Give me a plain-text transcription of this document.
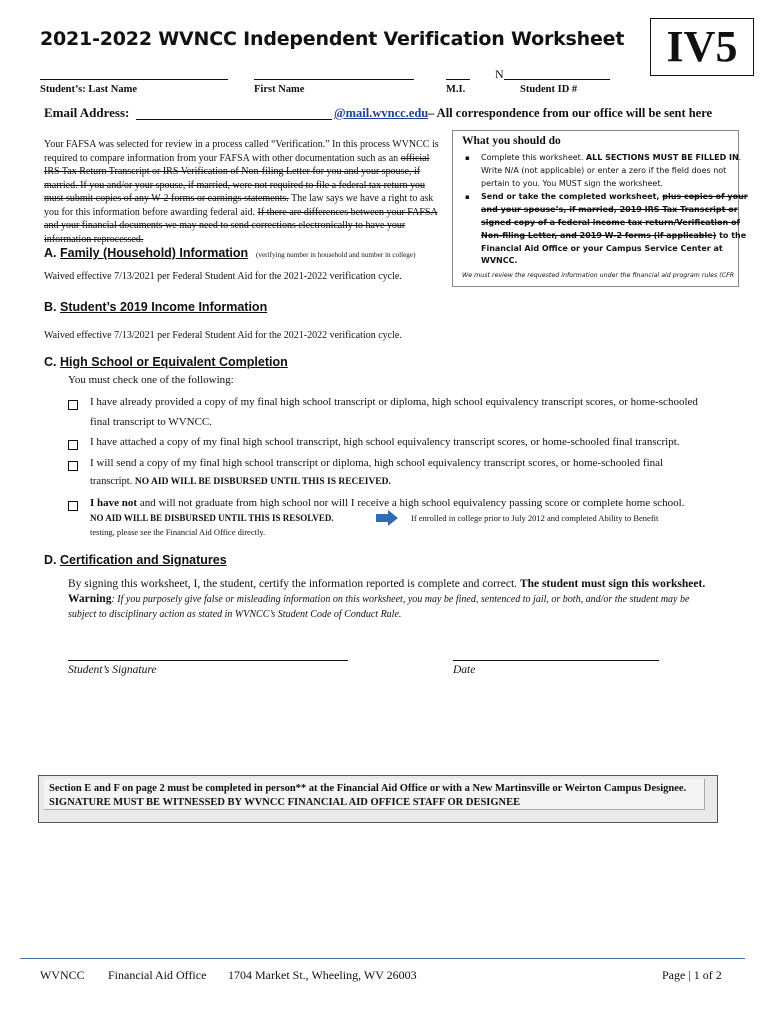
2021-2022 WVNCC Independent Verification Worksheet IV5
N
Student’s: Last Name	First Name	M.I.	Student ID #
Email Address:	@mail.wvncc.edu – All correspondence from our office will be sent here
Your FAFSA was selected for review in a process called “Verification.” In this process WVNCC is required to compare information from your FAFSA with other documentation such as an official IRS Tax Return Transcript or IRS Verification of Non-filing Letter for you and your spouse, if married. If you and/or your spouse, if married, were not required to file a federal tax return you must submit copies of any W-2 forms or earnings statements. The law says we have a right to ask you for this information before awarding federal aid. If there are differences between your FAFSA and your financial documents we may need to send corrections electronically to have your information reprocessed.
What you should do
▪ Complete this worksheet. ALL SECTIONS MUST BE FILLED IN. Write N/A (not applicable) or enter a zero if the field does not pertain to you. You MUST sign the worksheet.
▪ Send or take the completed worksheet, plus copies of your and your spouse’s, if married, 2019 IRS Tax Transcript or signed copy of a federal income tax return/Verification of Non-filing Letter, and 2019 W-2 forms (if applicable) to the Financial Aid Office or your Campus Service Center at WVNCC.
We must review the requested information under the financial aid program rules (CFR
A. Family (Household) Information (verifying number in household and number in college)
Waived effective 7/13/2021 per Federal Student Aid for the 2021-2022 verification cycle.
B. Student’s 2019 Income Information
Waived effective 7/13/2021 per Federal Student Aid for the 2021-2022 verification cycle.
C. High School or Equivalent Completion
You must check one of the following:
I have already provided a copy of my final high school transcript or diploma, high school equivalency transcript scores, or home-schooled
final transcript to WVNCC.
I have attached a copy of my final high school transcript, high school equivalency transcript scores, or home-schooled final transcript.
I will send a copy of my final high school transcript or diploma, high school equivalency transcript scores, or home-schooled final
transcript. NO AID WILL BE DISBURSED UNTIL THIS IS RECEIVED.
I have not and will not graduate from high school nor will I receive a high school equivalency passing score or complete home school.
NO AID WILL BE DISBURSED UNTIL THIS IS RESOLVED.	If enrolled in college prior to July 2012 and completed Ability to Benefit
testing, please see the Financial Aid Office directly.
D. Certification and Signatures
By signing this worksheet, I, the student, certify the information reported is complete and correct. The student must sign this worksheet. Warning: If you purposely give false or misleading information on this worksheet, you may be fined, sentenced to jail, or both, and/or the student may be subject to disciplinary action as stated in WVNCC’s Student Code of Conduct Rule.
Student’s Signature	Date
Section E and F on page 2 must be completed in person** at the Financial Aid Office or with a New Martinsville or Weirton Campus Designee. SIGNATURE MUST BE WITNESSED BY WVNCC FINANCIAL AID OFFICE STAFF OR DESIGNEE
WVNCC Financial Aid Office 1704 Market St., Wheeling, WV 26003	Page | 1 of 2
